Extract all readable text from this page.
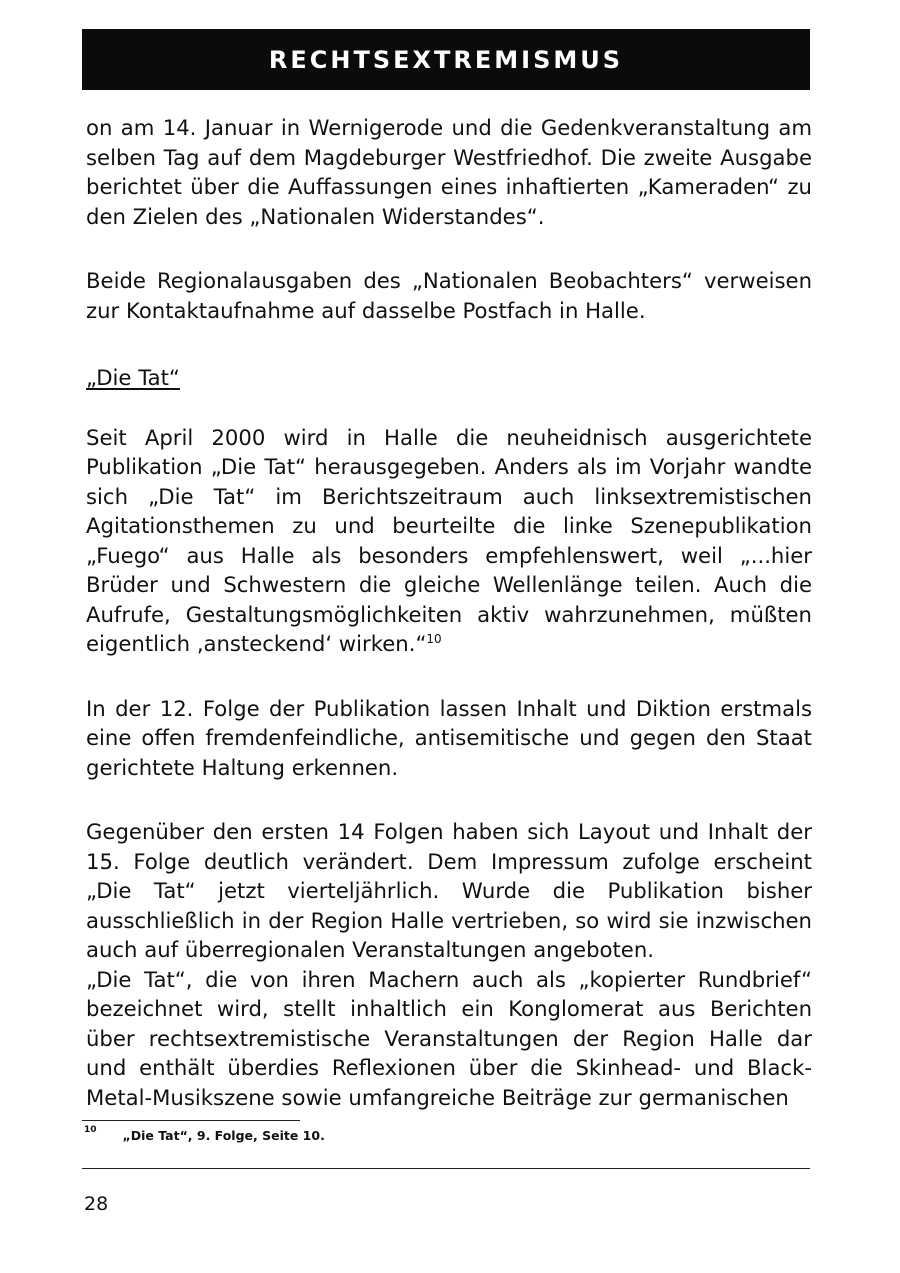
RECHTSEXTREMISMUS

on am 14. Januar in Wernigerode und die Gedenkveranstaltung am selben Tag auf dem Magdeburger Westfriedhof. Die zweite Ausgabe berichtet über die Auffassungen eines inhaftierten „Kameraden“ zu den Zielen des „Nationalen Widerstandes“.

Beide Regionalausgaben des „Nationalen Beobachters“ verweisen zur Kontaktaufnahme auf dasselbe Postfach in Halle.

„Die Tat“

Seit April 2000 wird in Halle die neuheidnisch ausgerichtete Publikation „Die Tat“ herausgegeben. Anders als im Vorjahr wandte sich „Die Tat“ im Berichtszeitraum auch linksextremistischen Agitationsthemen zu und beurteilte die linke Szenepublikation „Fuego“ aus Halle als besonders empfehlenswert, weil „...hier Brüder und Schwestern die gleiche Wellenlänge teilen. Auch die Aufrufe, Gestaltungsmöglichkeiten aktiv wahrzunehmen, müßten eigentlich ‚ansteckend‘ wirken.“$^{10}$

In der 12. Folge der Publikation lassen Inhalt und Diktion erstmals eine offen fremdenfeindliche, antisemitische und gegen den Staat gerichtete Haltung erkennen.

Gegenüber den ersten 14 Folgen haben sich Layout und Inhalt der 15. Folge deutlich verändert. Dem Impressum zufolge erscheint „Die Tat“ jetzt vierteljährlich. Wurde die Publikation bisher ausschließlich in der Region Halle vertrieben, so wird sie inzwischen auch auf überregionalen Veranstaltungen angeboten.

„Die Tat“, die von ihren Machern auch als „kopierter Rundbrief“ bezeichnet wird, stellt inhaltlich ein Konglomerat aus Berichten über rechtsextremistische Veranstaltungen der Region Halle dar und enthält überdies Reflexionen über die Skinhead- und Black-Metal-Musikszene sowie umfangreiche Beiträge zur germanischen

10 „Die Tat“, 9. Folge, Seite 10.
28
